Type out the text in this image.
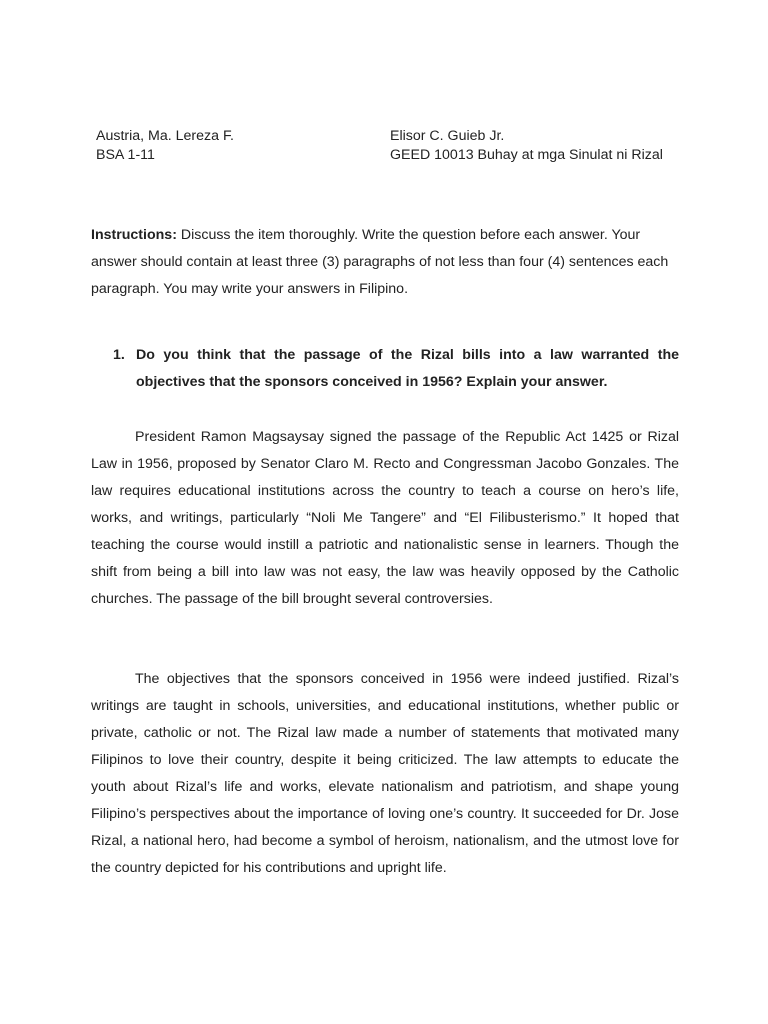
Austria, Ma. Lereza F.
BSA 1-11
Elisor C. Guieb Jr.
GEED 10013 Buhay at mga Sinulat ni Rizal
Instructions: Discuss the item thoroughly. Write the question before each answer. Your answer should contain at least three (3) paragraphs of not less than four (4) sentences each paragraph. You may write your answers in Filipino.
1. Do you think that the passage of the Rizal bills into a law warranted the objectives that the sponsors conceived in 1956? Explain your answer.

President Ramon Magsaysay signed the passage of the Republic Act 1425 or Rizal Law in 1956, proposed by Senator Claro M. Recto and Congressman Jacobo Gonzales. The law requires educational institutions across the country to teach a course on hero’s life, works, and writings, particularly “Noli Me Tangere” and “El Filibusterismo.” It hoped that teaching the course would instill a patriotic and nationalistic sense in learners. Though the shift from being a bill into law was not easy, the law was heavily opposed by the Catholic churches. The passage of the bill brought several controversies.

The objectives that the sponsors conceived in 1956 were indeed justified. Rizal’s writings are taught in schools, universities, and educational institutions, whether public or private, catholic or not. The Rizal law made a number of statements that motivated many Filipinos to love their country, despite it being criticized. The law attempts to educate the youth about Rizal’s life and works, elevate nationalism and patriotism, and shape young Filipino’s perspectives about the importance of loving one’s country. It succeeded for Dr. Jose Rizal, a national hero, had become a symbol of heroism, nationalism, and the utmost love for the country depicted for his contributions and upright life.
